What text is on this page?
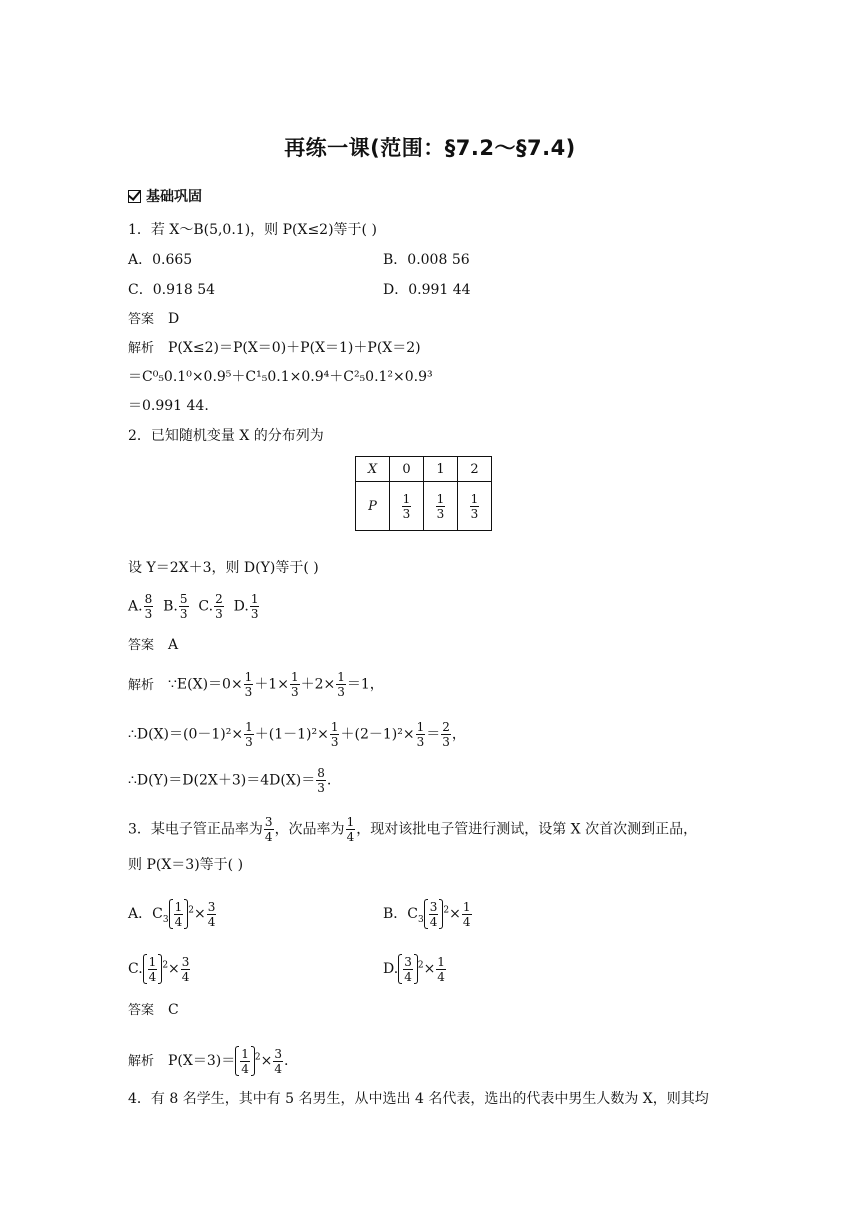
再练一课(范围：§7.2～§7.4)
基础巩固
1．若 X～B(5,0.1)，则 P(X≤2)等于( )
A．0.665	B．0.008 56
C．0.918 54	D．0.991 44
答案 D
解析 P(X≤2)＝P(X＝0)＋P(X＝1)＋P(X＝2)
＝C⁰₅0.1⁰×0.9⁵＋C¹₅0.1×0.9⁴＋C²₅0.1²×0.9³
＝0.991 44.
2．已知随机变量 X 的分布列为
X	0	1	2
P	$\frac{1}{3}$	$\frac{1}{3}$	$\frac{1}{3}$
设 Y＝2X＋3，则 D(Y)等于( )
A. $\frac{8}{3} B$. $\frac{5}{3} C$. $\frac{2}{3} D$. $\frac{1}{3}$
答案 A
解析 ∵E(X)＝0× $\frac{1}{3} +1\times \frac{1}{3} +2\times \frac{1}{3} =1$，
∴D(X)＝(0－1)²× $\frac{1}{3} +(1-1)^2\times \frac{1}{3} +(2-1)^2\times \frac{1}{3} = \frac{2}{3}$ ，
∴D(Y)＝D(2X＋3)＝4D(X)＝ $\frac{8}{3}$ .
3．某电子管正品率为 $\frac{3}{4}$ ，次品率为 $\frac{1}{4}$ ，现对该批电子管进行测试，设第 X 次首次测到正品，
则 P(X＝3)等于( )
A．$C_3 \frac{1}{4} ^2\times \frac{3}{4}$	B．$C_3 \frac{3}{4} ^2\times \frac{1}{4}$
C. $\frac{1}{4} ^2\times \frac{3}{4}$	D. $\frac{3}{4} ^2\times \frac{1}{4}$
答案 C
解析 $P(X=3)= \frac{1}{4} ^2\times \frac{3}{4}$ .
4．有 8 名学生，其中有 5 名男生，从中选出 4 名代表，选出的代表中男生人数为 X，则其均
